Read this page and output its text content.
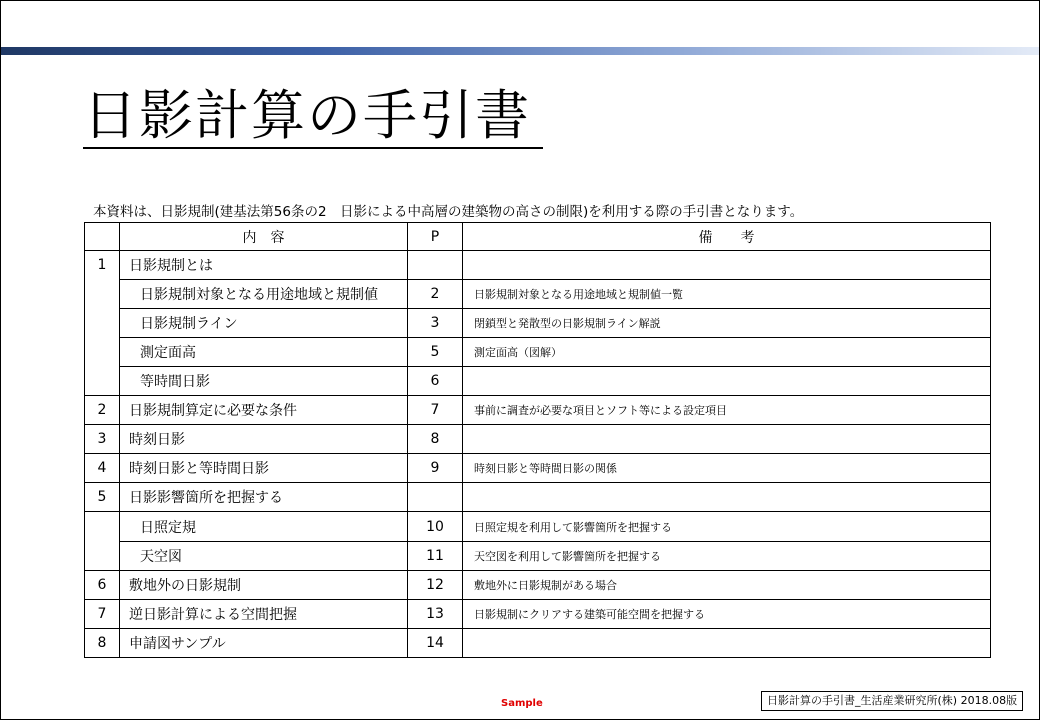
日影計算の手引書
本資料は、日影規制(建基法第56条の2　日影による中高層の建築物の高さの制限)を利用する際の手引書となります。
	内　容	P	備　　考
1	日影規制とは		
	日影規制対象となる用途地域と規制値	2	日影規制対象となる用途地域と規制値一覧
	日影規制ライン	3	閉鎖型と発散型の日影規制ライン解説
	測定面高	5	測定面高（図解）
	等時間日影	6	
2	日影規制算定に必要な条件	7	事前に調査が必要な項目とソフト等による設定項目
3	時刻日影	8	
4	時刻日影と等時間日影	9	時刻日影と等時間日影の関係
5	日影影響箇所を把握する		
	日照定規	10	日照定規を利用して影響箇所を把握する
	天空図	11	天空図を利用して影響箇所を把握する
6	敷地外の日影規制	12	敷地外に日影規制がある場合
7	逆日影計算による空間把握	13	日影規制にクリアする建築可能空間を把握する
8	申請図サンプル	14	
Sample	日影計算の手引書_生活産業研究所(株) 2018.08版
